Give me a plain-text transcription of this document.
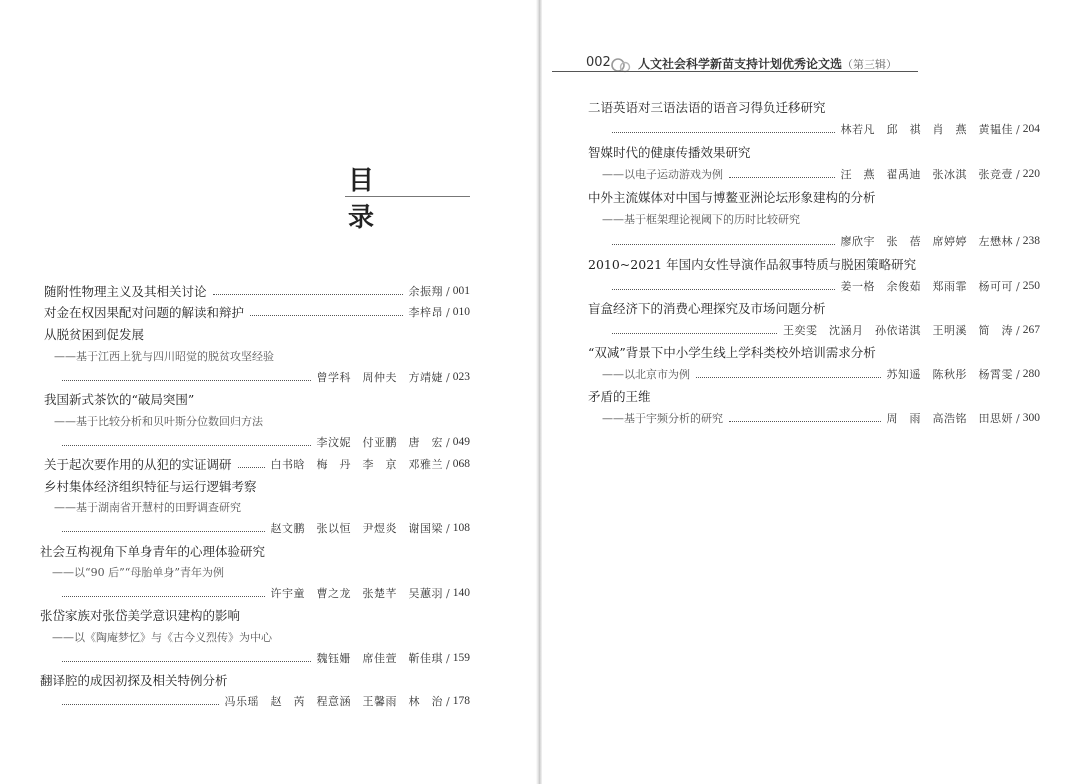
目　录
随附性物理主义及其相关讨论	余振翔 / 001
对金在权因果配对问题的解读和辩护	李梓昂 / 010
从脱贫困到促发展
——基于江西上犹与四川昭觉的脱贫攻坚经验
曾学科　周仲夫　方靖婕 / 023
我国新式茶饮的“破局突围”
——基于比较分析和贝叶斯分位数回归方法
李汶妮　付亚鹏　唐　宏 / 049
关于起次要作用的从犯的实证调研	白书晗　梅　丹　李　京　邓雅兰 / 068
乡村集体经济组织特征与运行逻辑考察
——基于湖南省开慧村的田野调查研究
赵文鹏　张以恒　尹煜炎　谢国梁 / 108
社会互构视角下单身青年的心理体验研究
——以“90 后”“母胎单身”青年为例
许宇童　曹之龙　张楚芊　吴蕙羽 / 140
张岱家族对张岱美学意识建构的影响
——以《陶庵梦忆》与《古今义烈传》为中心
魏钰姗　席佳萱　靳佳琪 / 159
翻译腔的成因初探及相关特例分析
冯乐瑶　赵　芮　程意涵　王馨雨　林　治 / 178
002 人文社会科学新苗支持计划优秀论文选（第三辑）
二语英语对三语法语的语音习得负迁移研究
林若凡　邱　祺　肖　燕　黄韫佳 / 204
智媒时代的健康传播效果研究
——以电子运动游戏为例	汪　燕　翟禹迪　张冰淇　张竞壹 / 220
中外主流媒体对中国与博鳌亚洲论坛形象建构的分析
——基于框架理论视阈下的历时比较研究
廖欣宇　张　蓓　席婷婷　左懋林 / 238
2010~2021 年国内女性导演作品叙事特质与脱困策略研究
姜一格　余俊茹　郑雨霏　杨可可 / 250
盲盒经济下的消费心理探究及市场问题分析
王奕雯　沈涵月　孙依诺淇　王明溪　简　涛 / 267
“双减”背景下中小学生线上学科类校外培训需求分析
——以北京市为例	苏知遥　陈秋彤　杨霄雯 / 280
矛盾的王维
——基于宇频分析的研究	周　雨　高浩铭　田思妍 / 300
